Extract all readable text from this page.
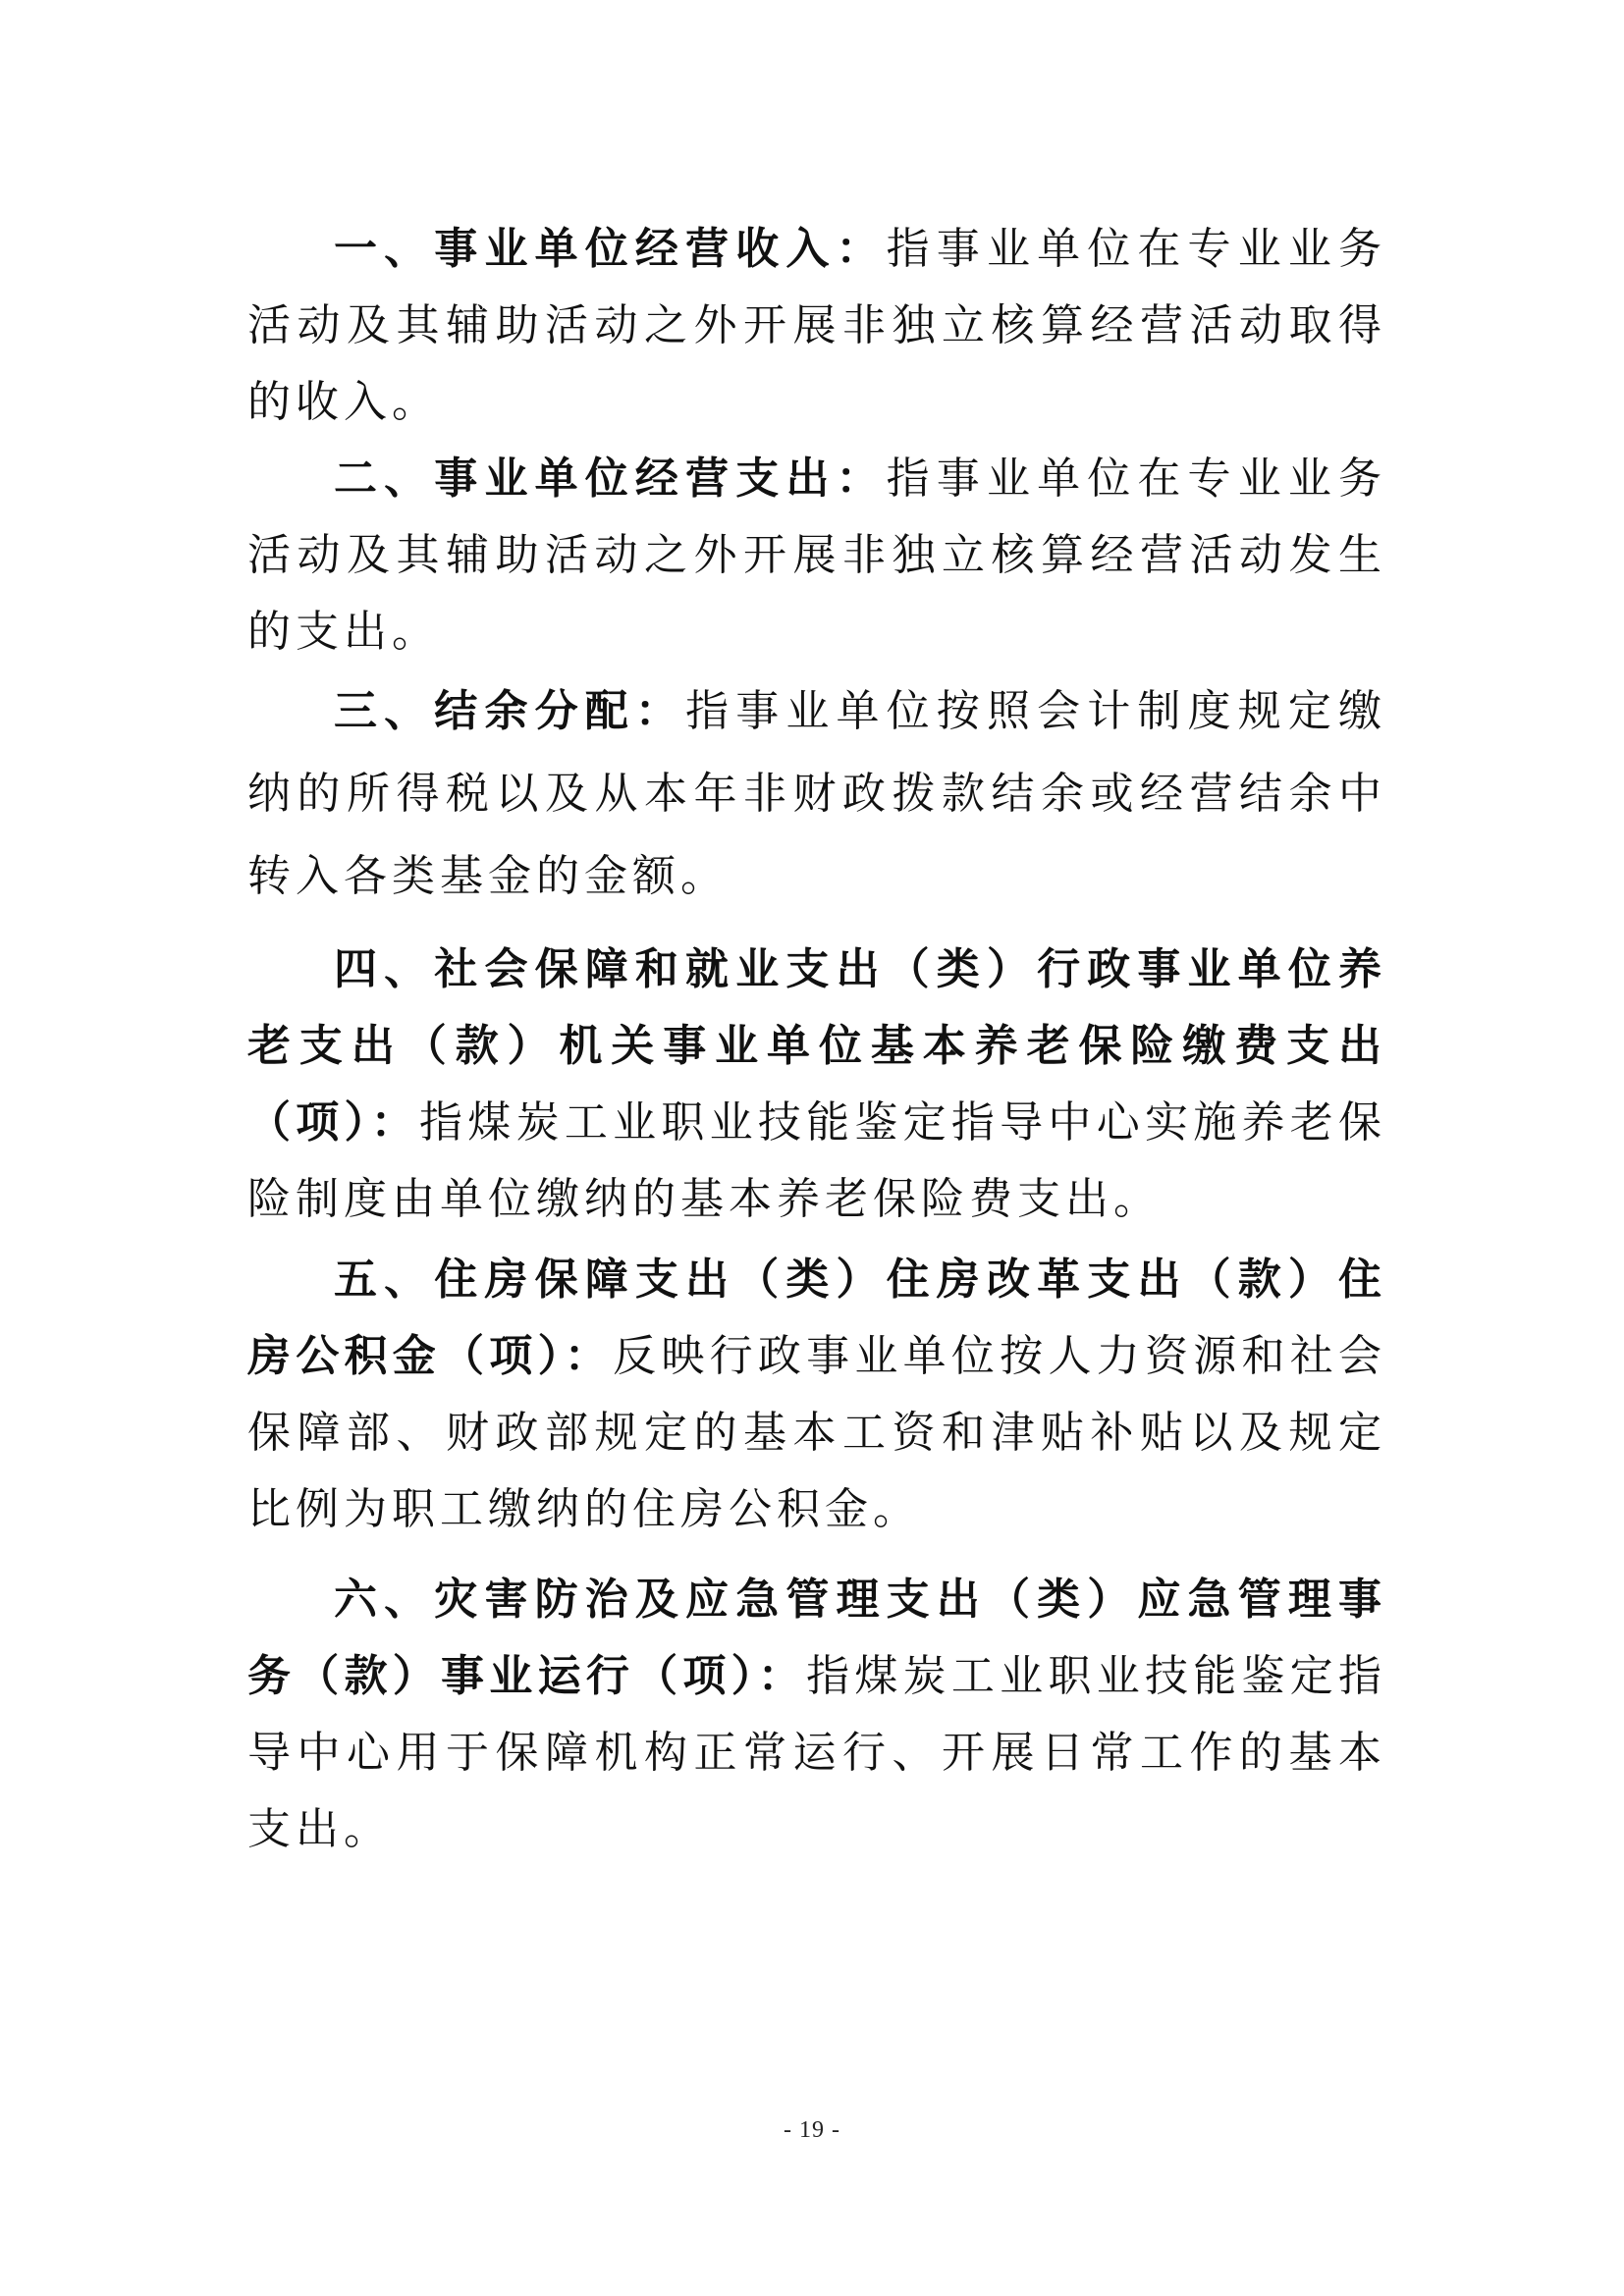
一、事业单位经营收入：指事业单位在专业业务活动及其辅助活动之外开展非独立核算经营活动取得的收入。

二、事业单位经营支出：指事业单位在专业业务活动及其辅助活动之外开展非独立核算经营活动发生的支出。

三、结余分配：指事业单位按照会计制度规定缴纳的所得税以及从本年非财政拨款结余或经营结余中转入各类基金的金额。

四、社会保障和就业支出（类）行政事业单位养老支出（款）机关事业单位基本养老保险缴费支出（项）：指煤炭工业职业技能鉴定指导中心实施养老保险制度由单位缴纳的基本养老保险费支出。

五、住房保障支出（类）住房改革支出（款）住房公积金（项）：反映行政事业单位按人力资源和社会保障部、财政部规定的基本工资和津贴补贴以及规定比例为职工缴纳的住房公积金。

六、灾害防治及应急管理支出（类）应急管理事务（款）事业运行（项）：指煤炭工业职业技能鉴定指导中心用于保障机构正常运行、开展日常工作的基本支出。

- 19 -
